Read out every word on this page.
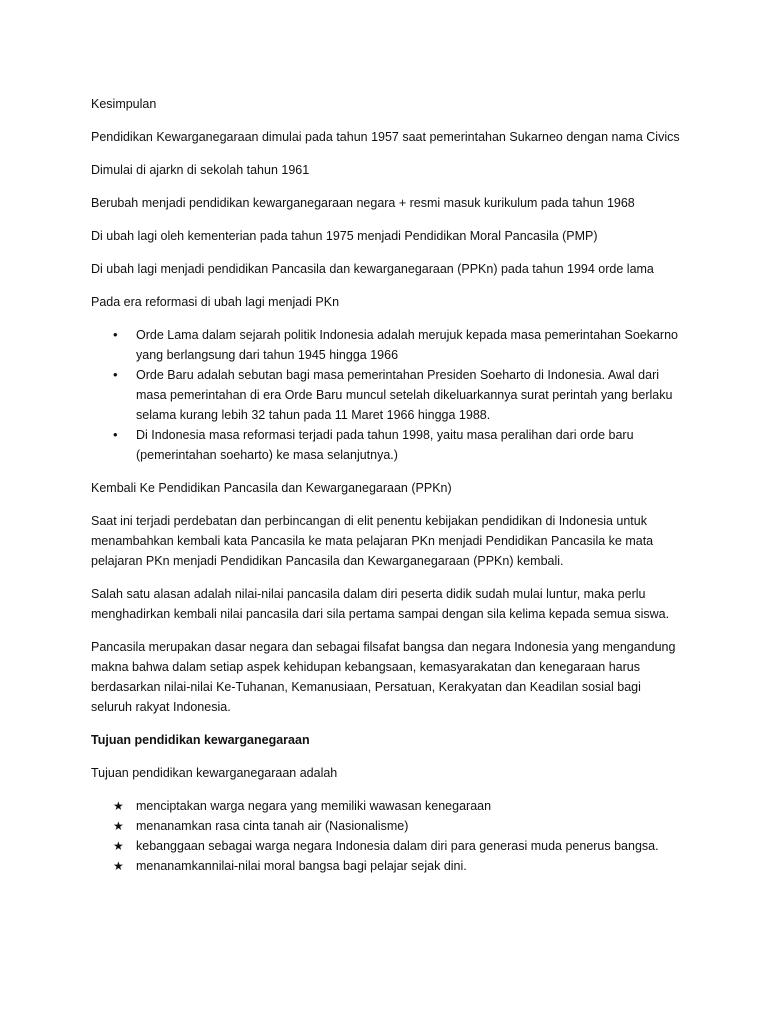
Kesimpulan

Pendidikan Kewarganegaraan dimulai pada tahun 1957 saat pemerintahan Sukarneo dengan nama Civics

Dimulai di ajarkn di sekolah tahun 1961

Berubah menjadi pendidikan kewarganegaraan negara + resmi masuk kurikulum pada tahun 1968

Di ubah lagi oleh kementerian pada tahun 1975 menjadi Pendidikan Moral Pancasila (PMP)

Di ubah lagi menjadi pendidikan Pancasila dan kewarganegaraan (PPKn) pada tahun 1994 orde lama

Pada era reformasi di ubah lagi menjadi PKn

•	Orde Lama dalam sejarah politik Indonesia adalah merujuk kepada masa pemerintahan Soekarno yang berlangsung dari tahun 1945 hingga 1966
•	Orde Baru adalah sebutan bagi masa pemerintahan Presiden Soeharto di Indonesia. Awal dari masa pemerintahan di era Orde Baru muncul setelah dikeluarkannya surat perintah yang berlaku selama kurang lebih 32 tahun pada 11 Maret 1966 hingga 1988.
•	Di Indonesia masa reformasi terjadi pada tahun 1998, yaitu masa peralihan dari orde baru (pemerintahan soeharto) ke masa selanjutnya.)

Kembali Ke Pendidikan Pancasila dan Kewarganegaraan (PPKn)

Saat ini terjadi perdebatan dan perbincangan di elit penentu kebijakan pendidikan di Indonesia untuk menambahkan kembali kata Pancasila ke mata pelajaran PKn menjadi Pendidikan Pancasila ke mata pelajaran PKn menjadi Pendidikan Pancasila dan Kewarganegaraan (PPKn) kembali.

Salah satu alasan adalah nilai-nilai pancasila dalam diri peserta didik sudah mulai luntur, maka perlu menghadirkan kembali nilai pancasila dari sila pertama sampai dengan sila kelima kepada semua siswa.

Pancasila merupakan dasar negara dan sebagai filsafat bangsa dan negara Indonesia yang mengandung makna bahwa dalam setiap aspek kehidupan kebangsaan, kemasyarakatan dan kenegaraan harus berdasarkan nilai-nilai Ke-Tuhanan, Kemanusiaan, Persatuan, Kerakyatan dan Keadilan sosial bagi seluruh rakyat Indonesia.

Tujuan pendidikan kewarganegaraan

Tujuan pendidikan kewarganegaraan adalah

★ menciptakan warga negara yang memiliki wawasan kenegaraan
★ menanamkan rasa cinta tanah air (Nasionalisme)
★ kebanggaan sebagai warga negara Indonesia dalam diri para generasi muda penerus bangsa.
★ menanamkannilai-nilai moral bangsa bagi pelajar sejak dini.
